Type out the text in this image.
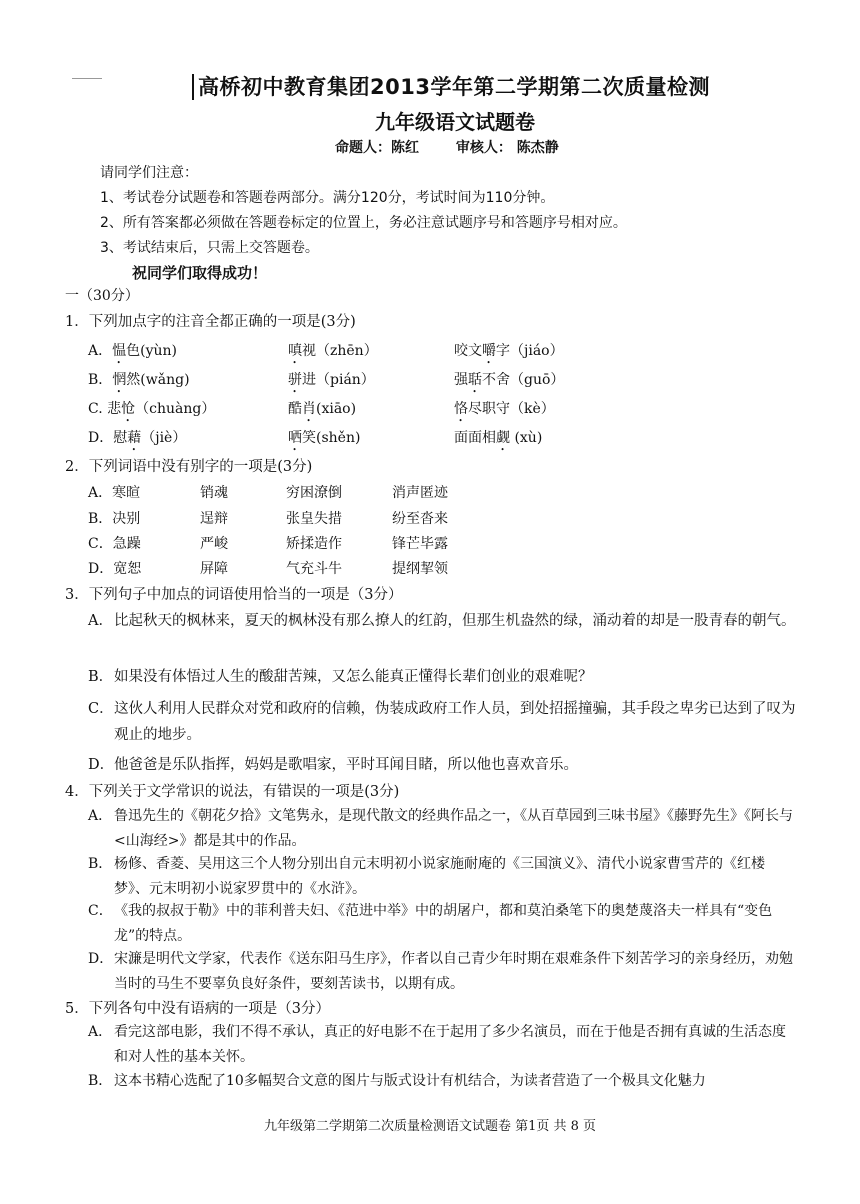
高桥初中教育集团2013学年第二学期第二次质量检测
九年级语文试题卷
命题人：陈红	审核人： 陈杰静
请同学们注意：
1、考试卷分试题卷和答题卷两部分。满分120分，考试时间为110分钟。
2、所有答案都必须做在答题卷标定的位置上，务必注意试题序号和答题序号相对应。
3、考试结束后，只需上交答题卷。
祝同学们取得成功！
一（30分）
1．下列加点字的注音全都正确的一项是(3分)
A．愠色(yùn)	嗔视（zhēn）	咬文嚼字（jiáo）
B．惘然(wǎng)	骈进（pián）	强聒不舍（guō）
C. 悲怆（chuàng）	酷肖(xiāo)	恪尽职守（kè）
D．慰藉（jiè）	哂笑(shěn)	面面相觑 (xù)
2．下列词语中没有别字的一项是(3分)
A．寒暄	销魂	穷困潦倒	消声匿迹
B．决别	逞辩	张皇失措	纷至沓来
C．急躁	严峻	矫揉造作	锋芒毕露
D．宽恕	屏障	气充斗牛	提纲挈领
3．下列句子中加点的词语使用恰当的一项是（3分）
A． 比起秋天的枫林来，夏天的枫林没有那么撩人的红韵，但那生机盎然的绿，涌动着的却是一股青春的朝气。
B． 如果没有体悟过人生的酸甜苦辣，又怎么能真正懂得长辈们创业的艰难呢？
C． 这伙人利用人民群众对党和政府的信赖，伪装成政府工作人员，到处招摇撞骗，其手段之卑劣已达到了叹为观止的地步。
D． 他爸爸是乐队指挥，妈妈是歌唱家，平时耳闻目睹，所以他也喜欢音乐。
4．下列关于文学常识的说法，有错误的一项是(3分)
A． 鲁迅先生的《朝花夕拾》文笔隽永，是现代散文的经典作品之一，《从百草园到三味书屋》《藤野先生》《阿长与<山海经>》都是其中的作品。
B． 杨修、香菱、吴用这三个人物分别出自元末明初小说家施耐庵的《三国演义》、清代小说家曹雪芹的《红楼梦》、元末明初小说家罗贯中的《水浒》。
C． 《我的叔叔于勒》中的菲利普夫妇、《范进中举》中的胡屠户，都和莫泊桑笔下的奥楚蔑洛夫一样具有“变色龙”的特点。
D． 宋濂是明代文学家，代表作《送东阳马生序》，作者以自己青少年时期在艰难条件下刻苦学习的亲身经历，劝勉当时的马生不要辜负良好条件，要刻苦读书，以期有成。
5．下列各句中没有语病的一项是（3分）
A． 看完这部电影，我们不得不承认，真正的好电影不在于起用了多少名演员，而在于他是否拥有真诚的生活态度和对人性的基本关怀。
B． 这本书精心选配了10多幅契合文意的图片与版式设计有机结合，为读者营造了一个极具文化魅力
九年级第二学期第二次质量检测语文试题卷 第1页 共 8 页
